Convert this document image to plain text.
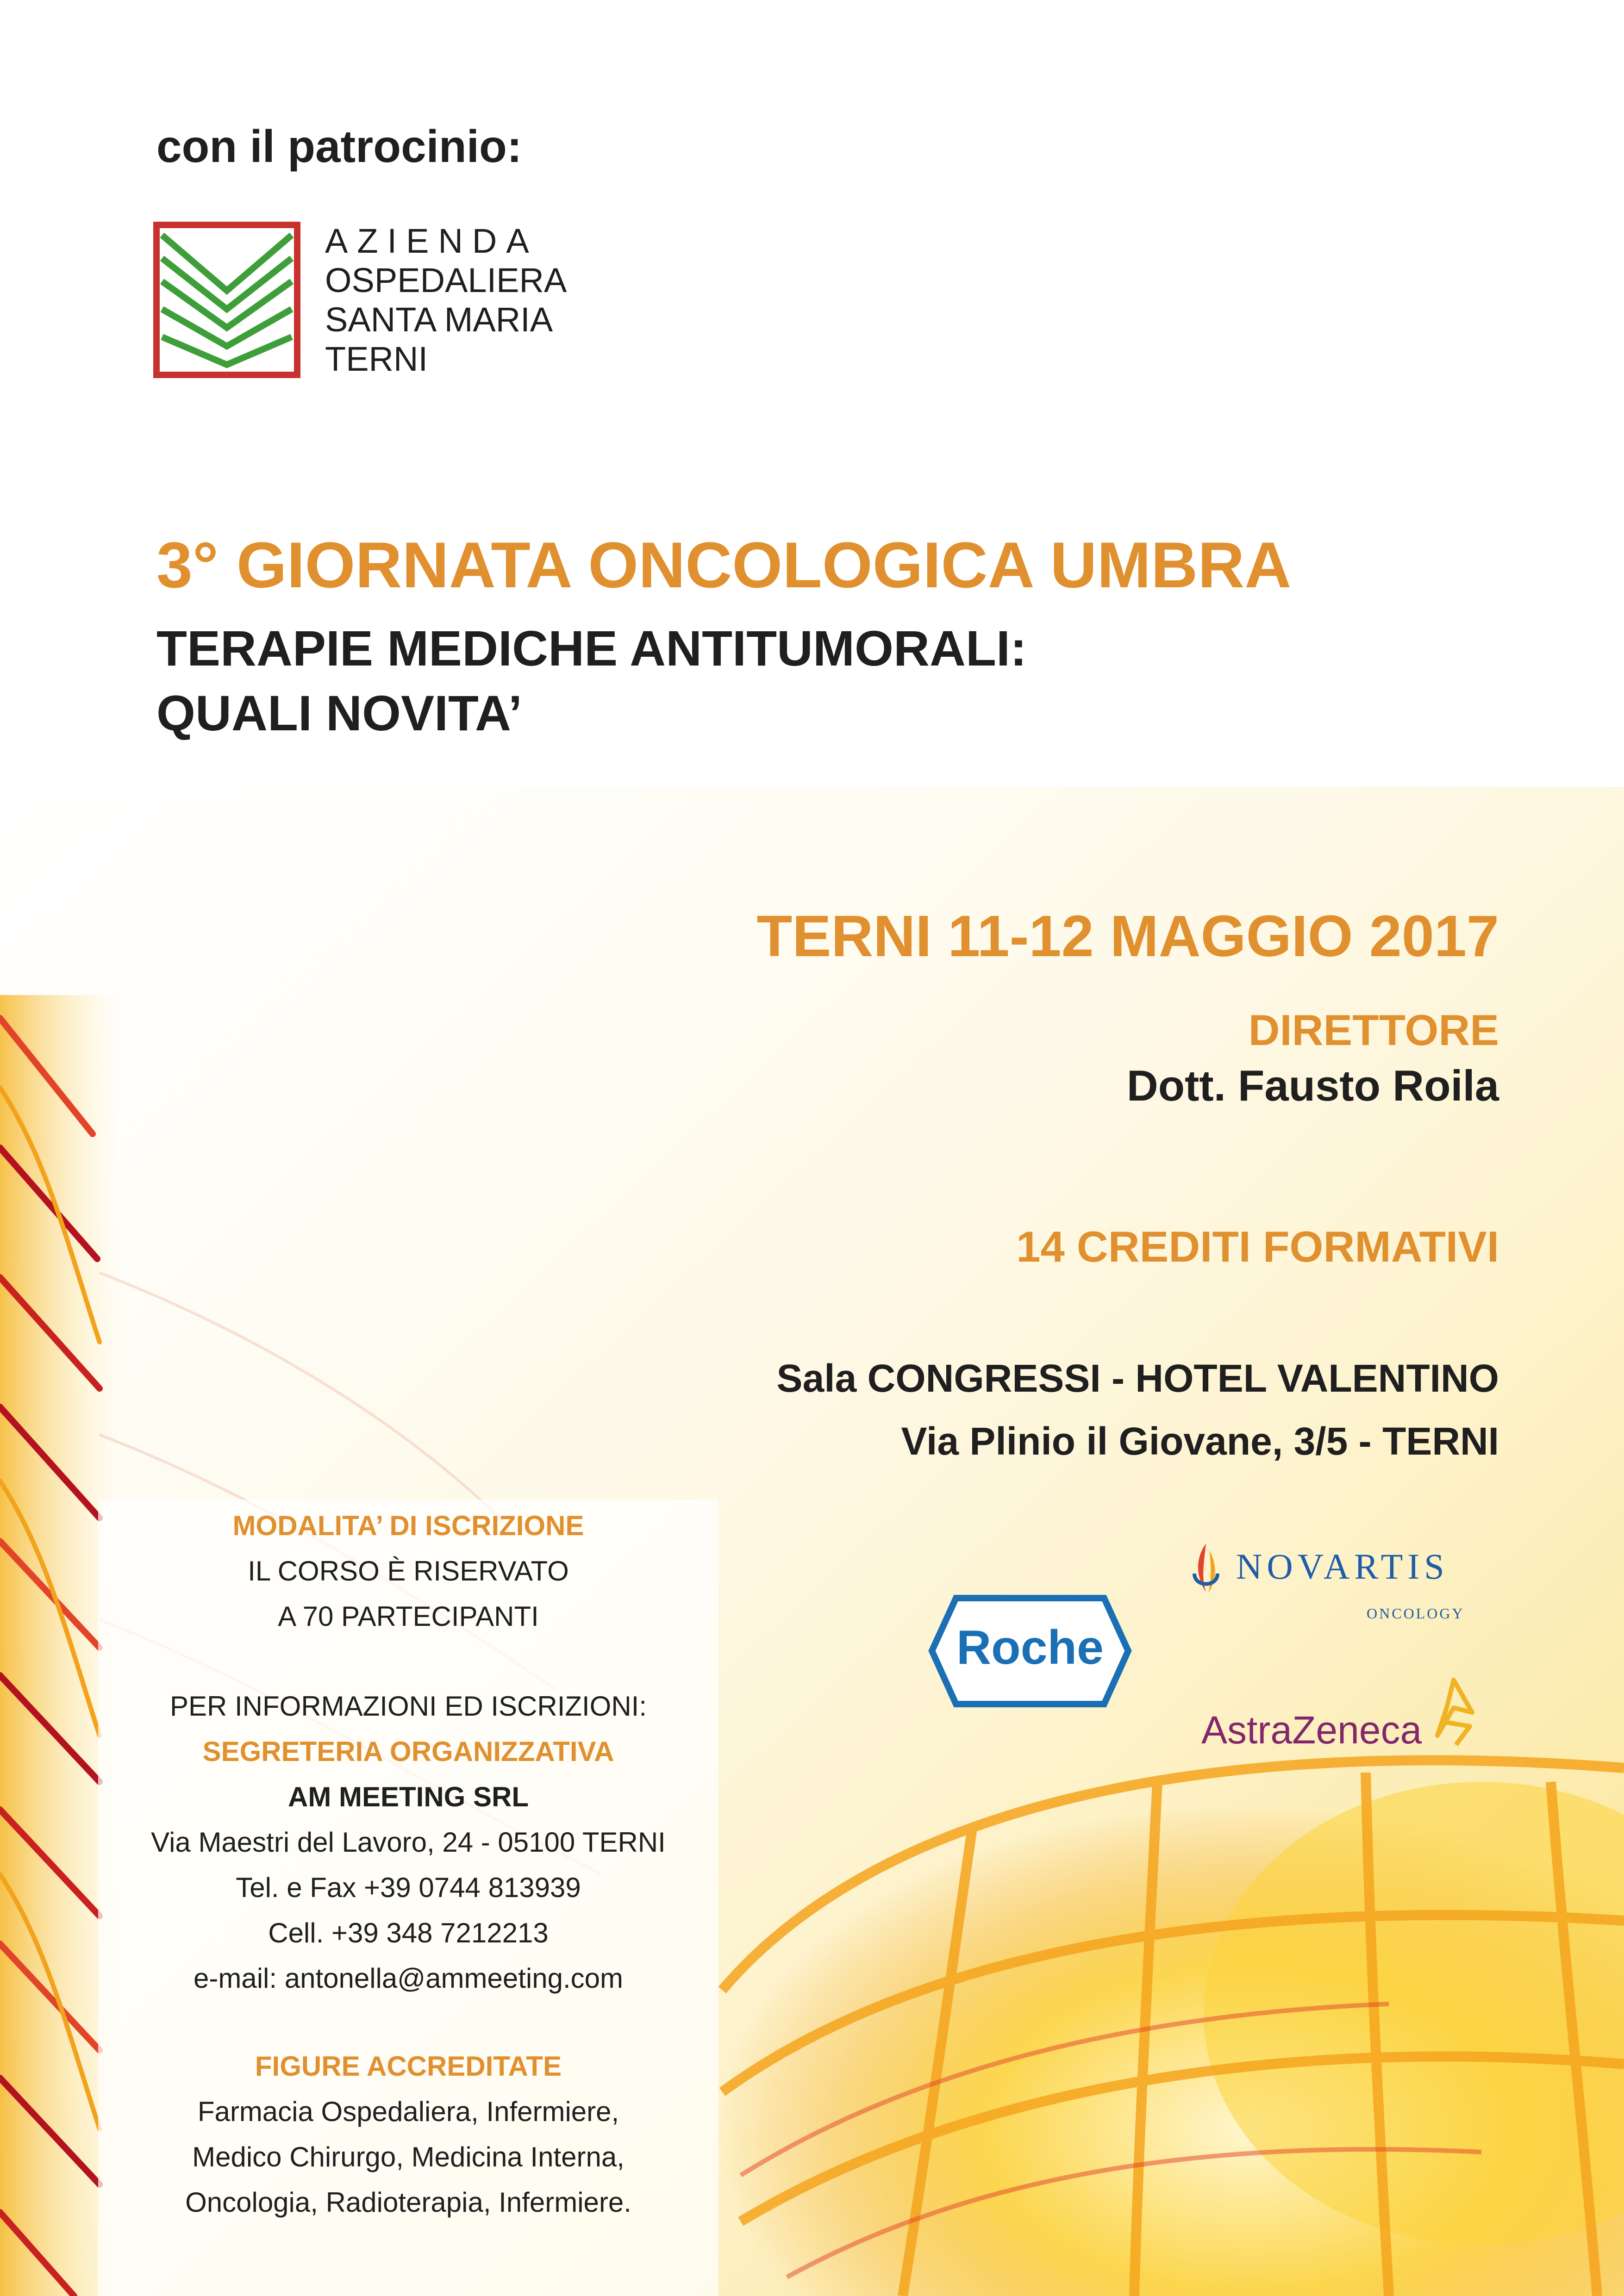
con il patrocinio:
AZIENDA
OSPEDALIERA
SANTA MARIA
TERNI
3° GIORNATA ONCOLOGICA UMBRA
TERAPIE MEDICHE ANTITUMORALI:
QUALI NOVITA’
TERNI 11-12 MAGGIO 2017
DIRETTORE
Dott. Fausto Roila
14 CREDITI FORMATIVI
Sala CONGRESSI - HOTEL VALENTINO
Via Plinio il Giovane, 3/5 - TERNI
MODALITA’ DI ISCRIZIONE
IL CORSO È RISERVATO
A 70 PARTECIPANTI
PER INFORMAZIONI ED ISCRIZIONI:
SEGRETERIA ORGANIZZATIVA
AM MEETING SRL
Via Maestri del Lavoro, 24 - 05100 TERNI
Tel. e Fax +39 0744 813939
Cell. +39 348 7212213
e-mail: antonella@ammeeting.com
FIGURE ACCREDITATE
Farmacia Ospedaliera, Infermiere,
Medico Chirurgo, Medicina Interna,
Oncologia, Radioterapia, Infermiere.
Roche
NOVARTIS
ONCOLOGY
AstraZeneca
